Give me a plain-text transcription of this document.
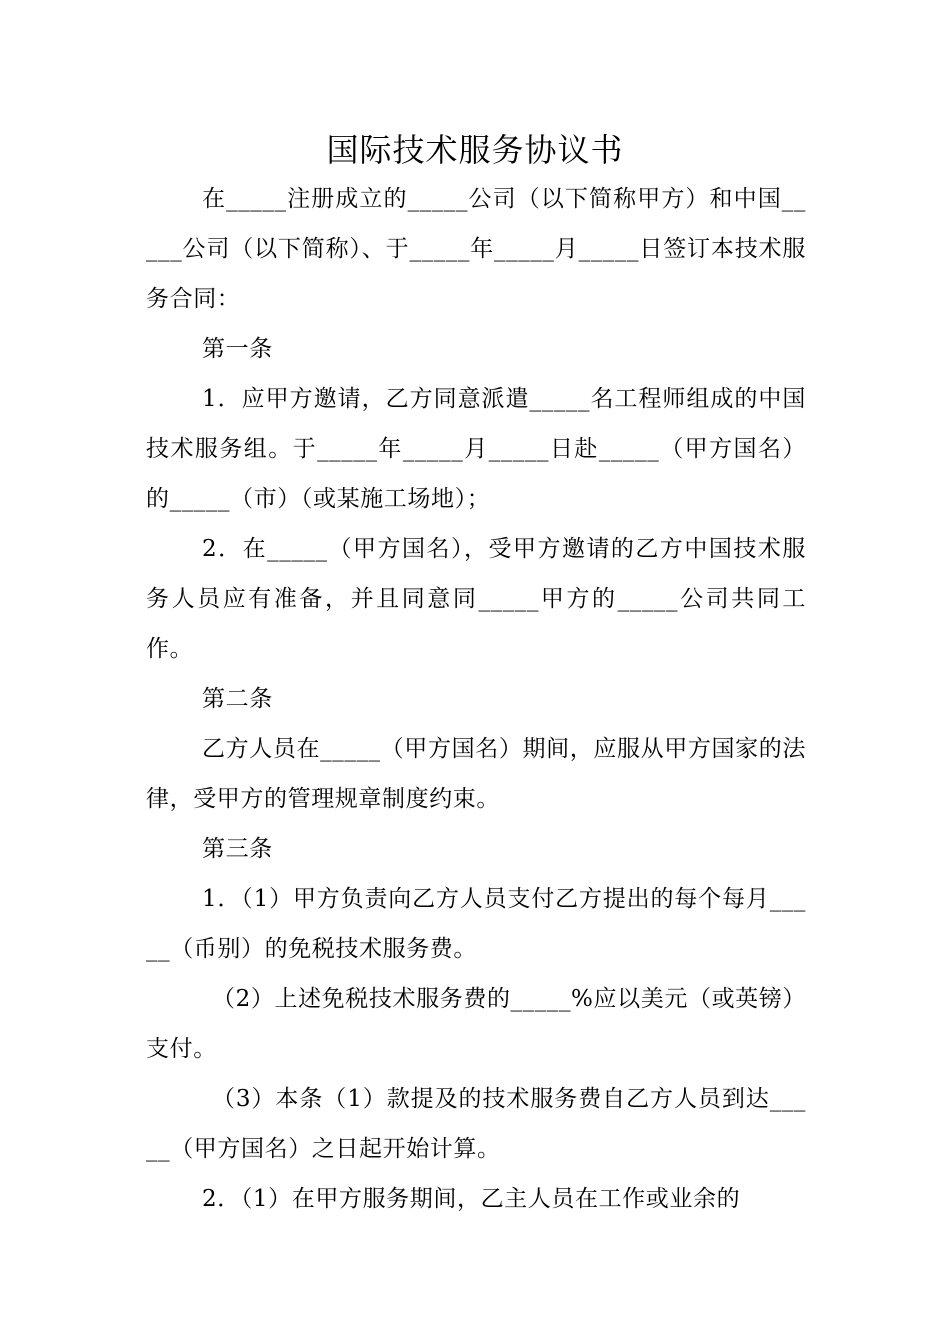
国际技术服务协议书

在_____注册成立的_____公司（以下简称甲方）和中国_____公司（以下简称）、于_____年_____月_____日签订本技术服务合同：

第一条

1．应甲方邀请，乙方同意派遣_____名工程师组成的中国技术服务组。于_____年_____月_____日赴_____（甲方国名）的_____（市）（或某施工场地）；

2．在_____（甲方国名），受甲方邀请的乙方中国技术服务人员应有准备，并且同意同_____甲方的_____公司共同工作。

第二条

乙方人员在_____（甲方国名）期间，应服从甲方国家的法律，受甲方的管理规章制度约束。

第三条

1．（1）甲方负责向乙方人员支付乙方提出的每个每月_____（币别）的免税技术服务费。

（2）上述免税技术服务费的_____%应以美元（或英镑）支付。

（3）本条（1）款提及的技术服务费自乙方人员到达_____（甲方国名）之日起开始计算。

2．（1）在甲方服务期间，乙主人员在工作或业余的
